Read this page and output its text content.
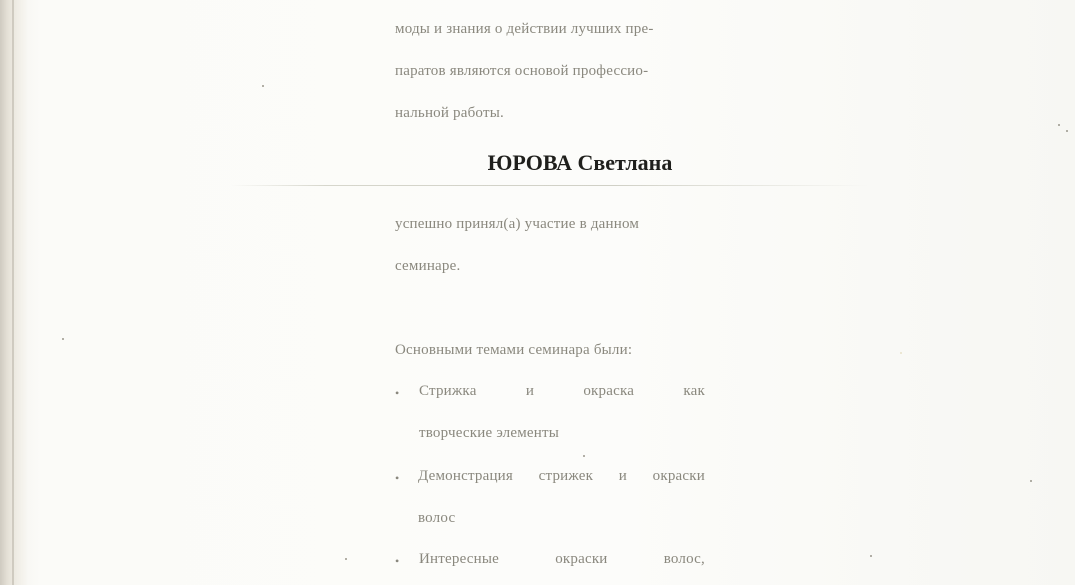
моды и знания о действии лучших пре-
паратов являются основой профессио-
нальной работы.
ЮРОВА Светлана
успешно принял(а) участие в данном
семинаре.
Основными темами семинара были:
• Стрижка	и	окраска	как
творческие элементы
• Демонстрация стрижек и окраски
волос
• Интересные	окраски	волос,
